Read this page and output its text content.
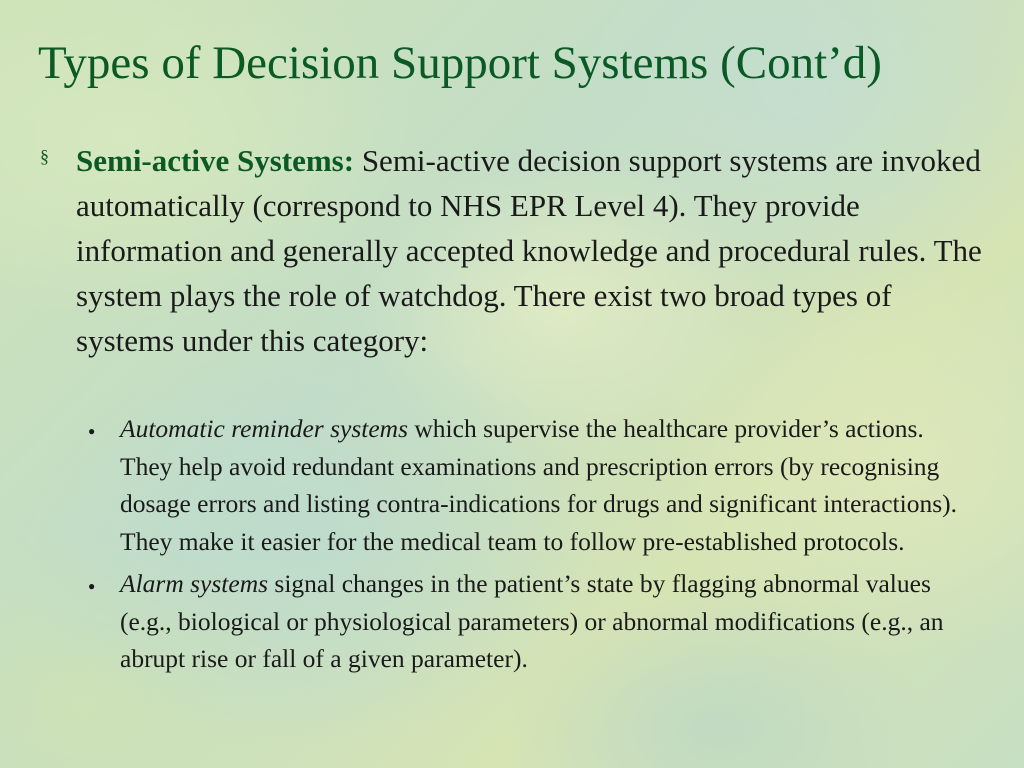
Types of Decision Support Systems (Cont’d)
§ Semi-active Systems: Semi-active decision support systems are invoked automatically (correspond to NHS EPR Level 4). They provide information and generally accepted knowledge and procedural rules. The system plays the role of watchdog. There exist two broad types of systems under this category:
● Automatic reminder systems which supervise the healthcare provider’s actions. They help avoid redundant examinations and prescription errors (by recognising dosage errors and listing contra-indications for drugs and significant interactions). They make it easier for the medical team to follow pre-established protocols.
● Alarm systems signal changes in the patient’s state by flagging abnormal values (e.g., biological or physiological parameters) or abnormal modifications (e.g., an abrupt rise or fall of a given parameter).
